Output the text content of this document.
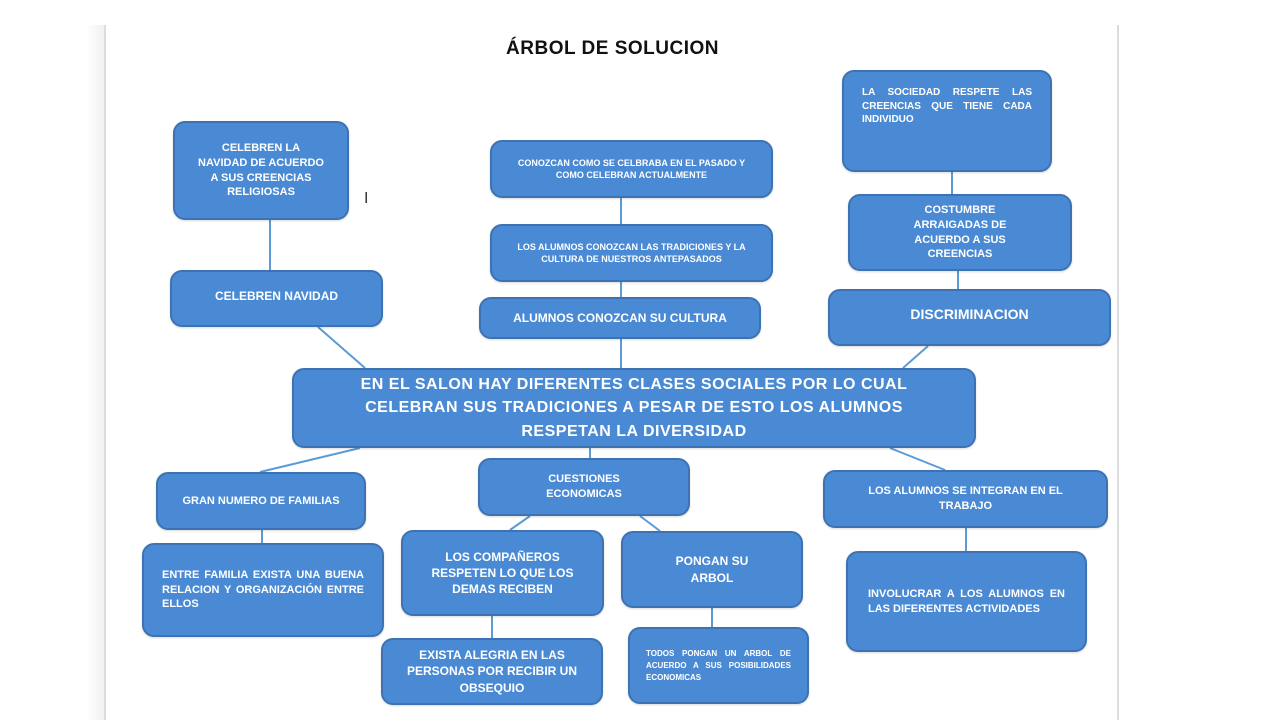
ÁRBOL DE SOLUCION
I
CELEBREN LA NAVIDAD DE ACUERDO A SUS CREENCIAS RELIGIOSAS
CELEBREN NAVIDAD
CONOZCAN COMO SE CELBRABA EN EL PASADO Y COMO CELEBRAN ACTUALMENTE
LOS ALUMNOS CONOZCAN LAS TRADICIONES Y LA CULTURA DE NUESTROS ANTEPASADOS
ALUMNOS CONOZCAN SU CULTURA
LA SOCIEDAD RESPETE LAS CREENCIAS QUE TIENE CADA INDIVIDUO
COSTUMBRE ARRAIGADAS DE ACUERDO A SUS CREENCIAS
DISCRIMINACION
EN EL SALON HAY DIFERENTES CLASES SOCIALES POR LO CUAL CELEBRAN SUS TRADICIONES A PESAR DE ESTO LOS ALUMNOS RESPETAN LA DIVERSIDAD
GRAN NUMERO DE FAMILIAS
ENTRE FAMILIA EXISTA UNA BUENA RELACION Y ORGANIZACIÓN ENTRE ELLOS
CUESTIONES ECONOMICAS
LOS COMPAÑEROS RESPETEN LO QUE LOS DEMAS RECIBEN
EXISTA ALEGRIA EN LAS PERSONAS POR RECIBIR UN OBSEQUIO
PONGAN SU ARBOL
TODOS PONGAN UN ARBOL DE ACUERDO A SUS POSIBILIDADES ECONOMICAS
LOS ALUMNOS SE INTEGRAN EN EL TRABAJO
INVOLUCRAR A LOS ALUMNOS EN LAS DIFERENTES ACTIVIDADES
